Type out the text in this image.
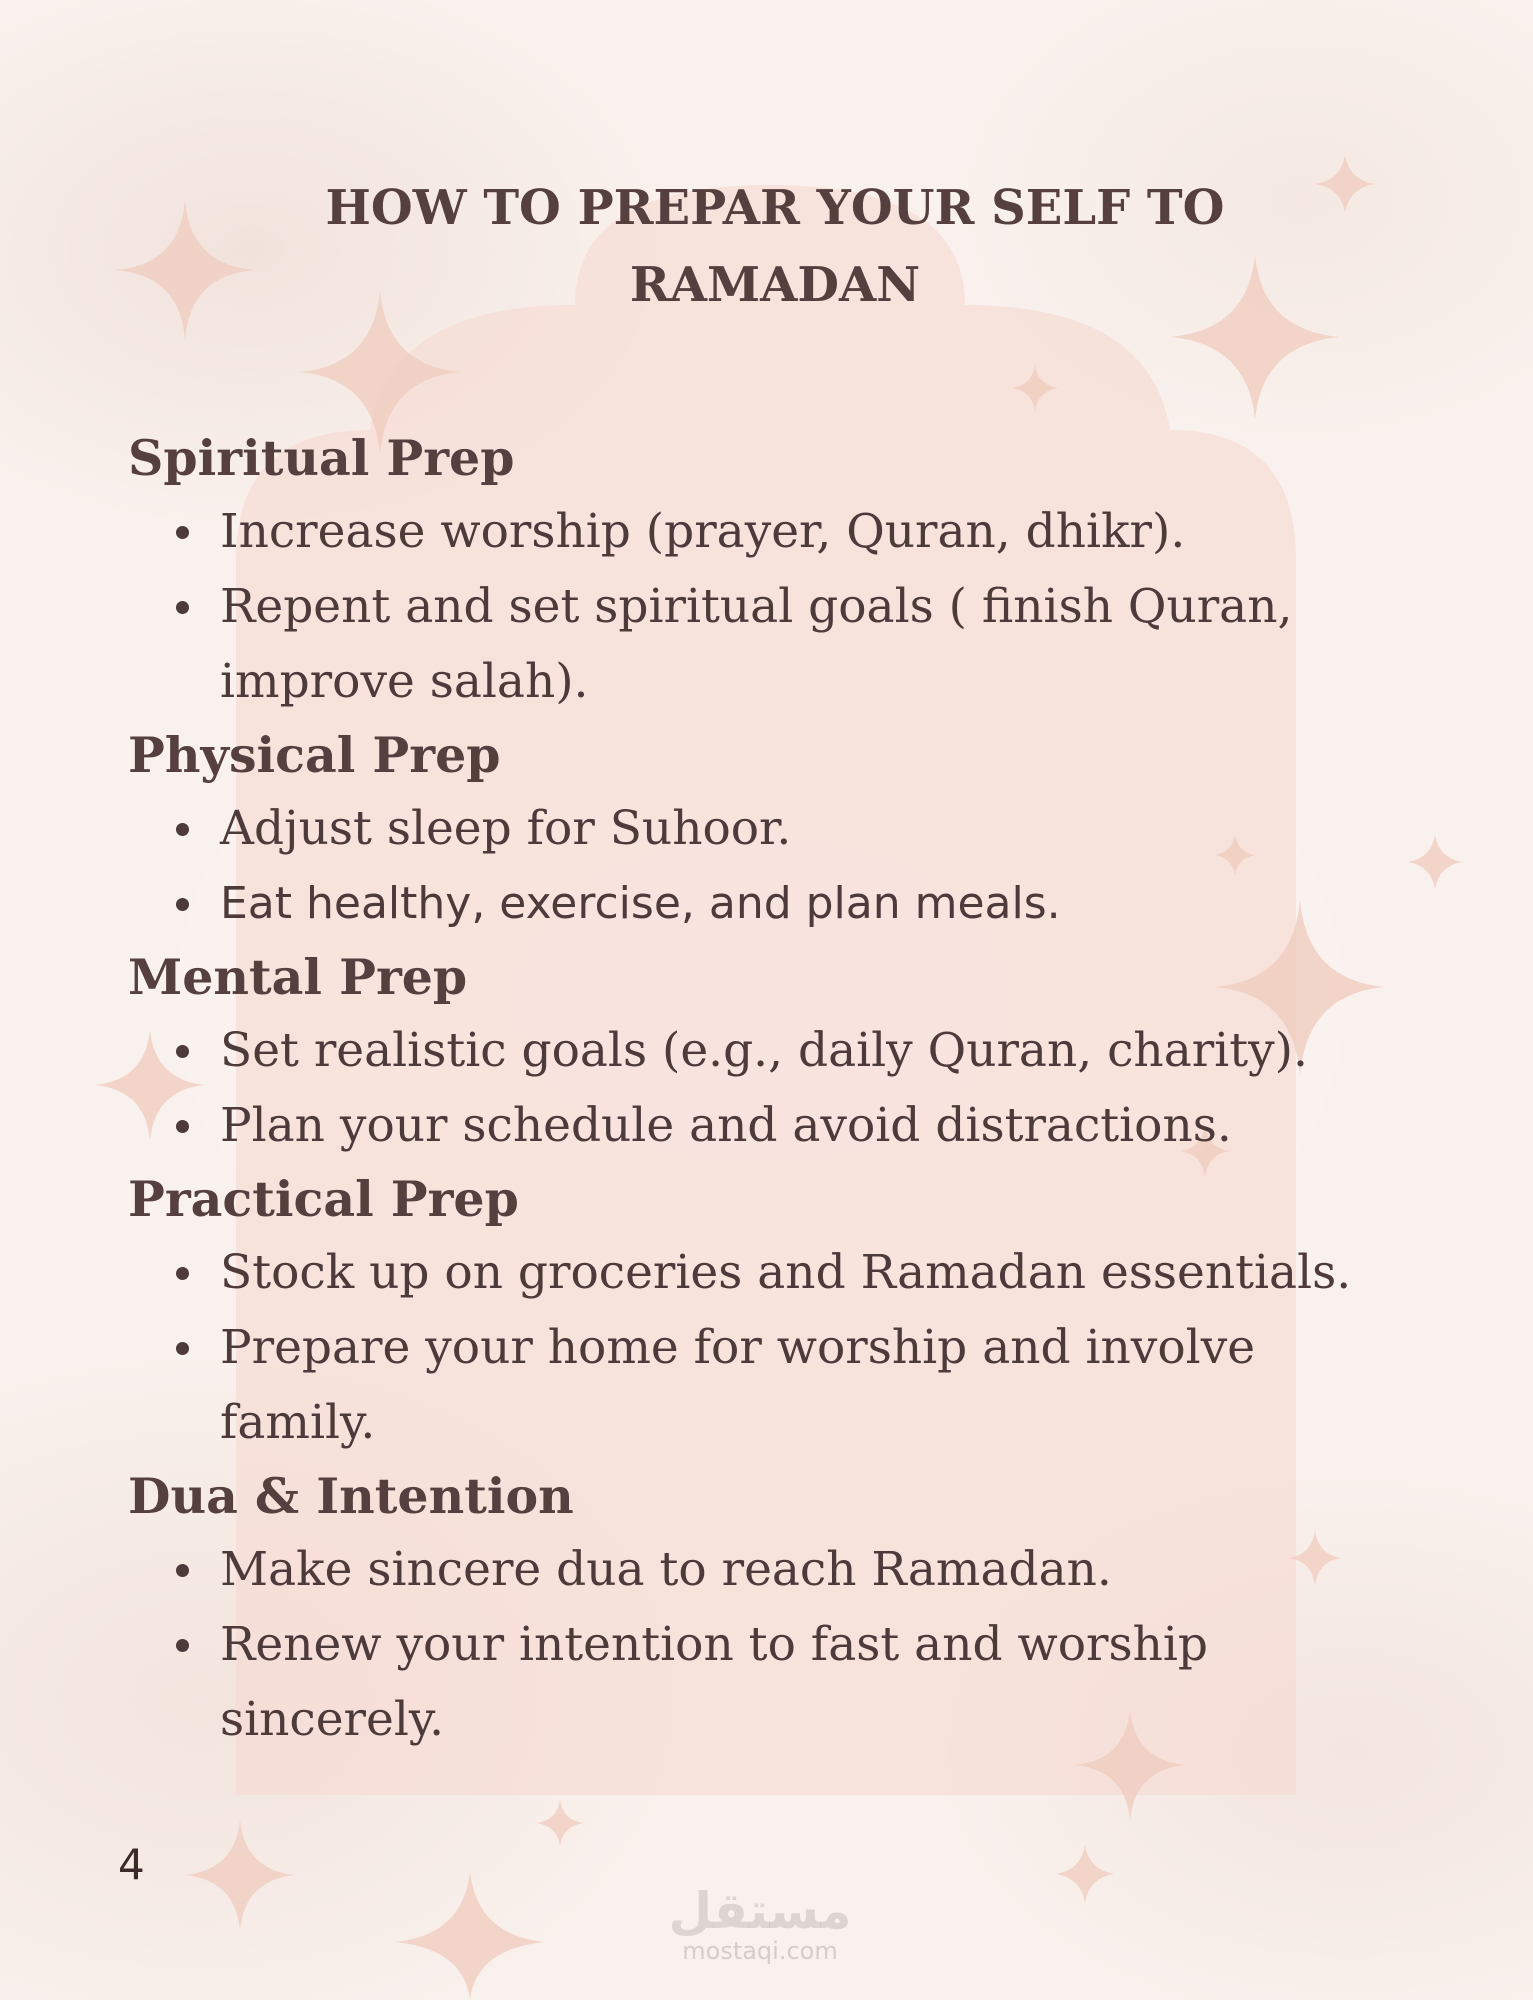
HOW TO PREPAR YOUR SELF TO
RAMADAN
Spiritual Prep
Increase worship (prayer, Quran, dhikr).
Repent and set spiritual goals ( finish Quran, improve salah).
Physical Prep
Adjust sleep for Suhoor.
Eat healthy, exercise, and plan meals.
Mental Prep
Set realistic goals (e.g., daily Quran, charity).
Plan your schedule and avoid distractions.
Practical Prep
Stock up on groceries and Ramadan essentials.
Prepare your home for worship and involve family.
Dua & Intention
Make sincere dua to reach Ramadan.
Renew your intention to fast and worship sincerely.
4
مستقل
mostaqi.com
